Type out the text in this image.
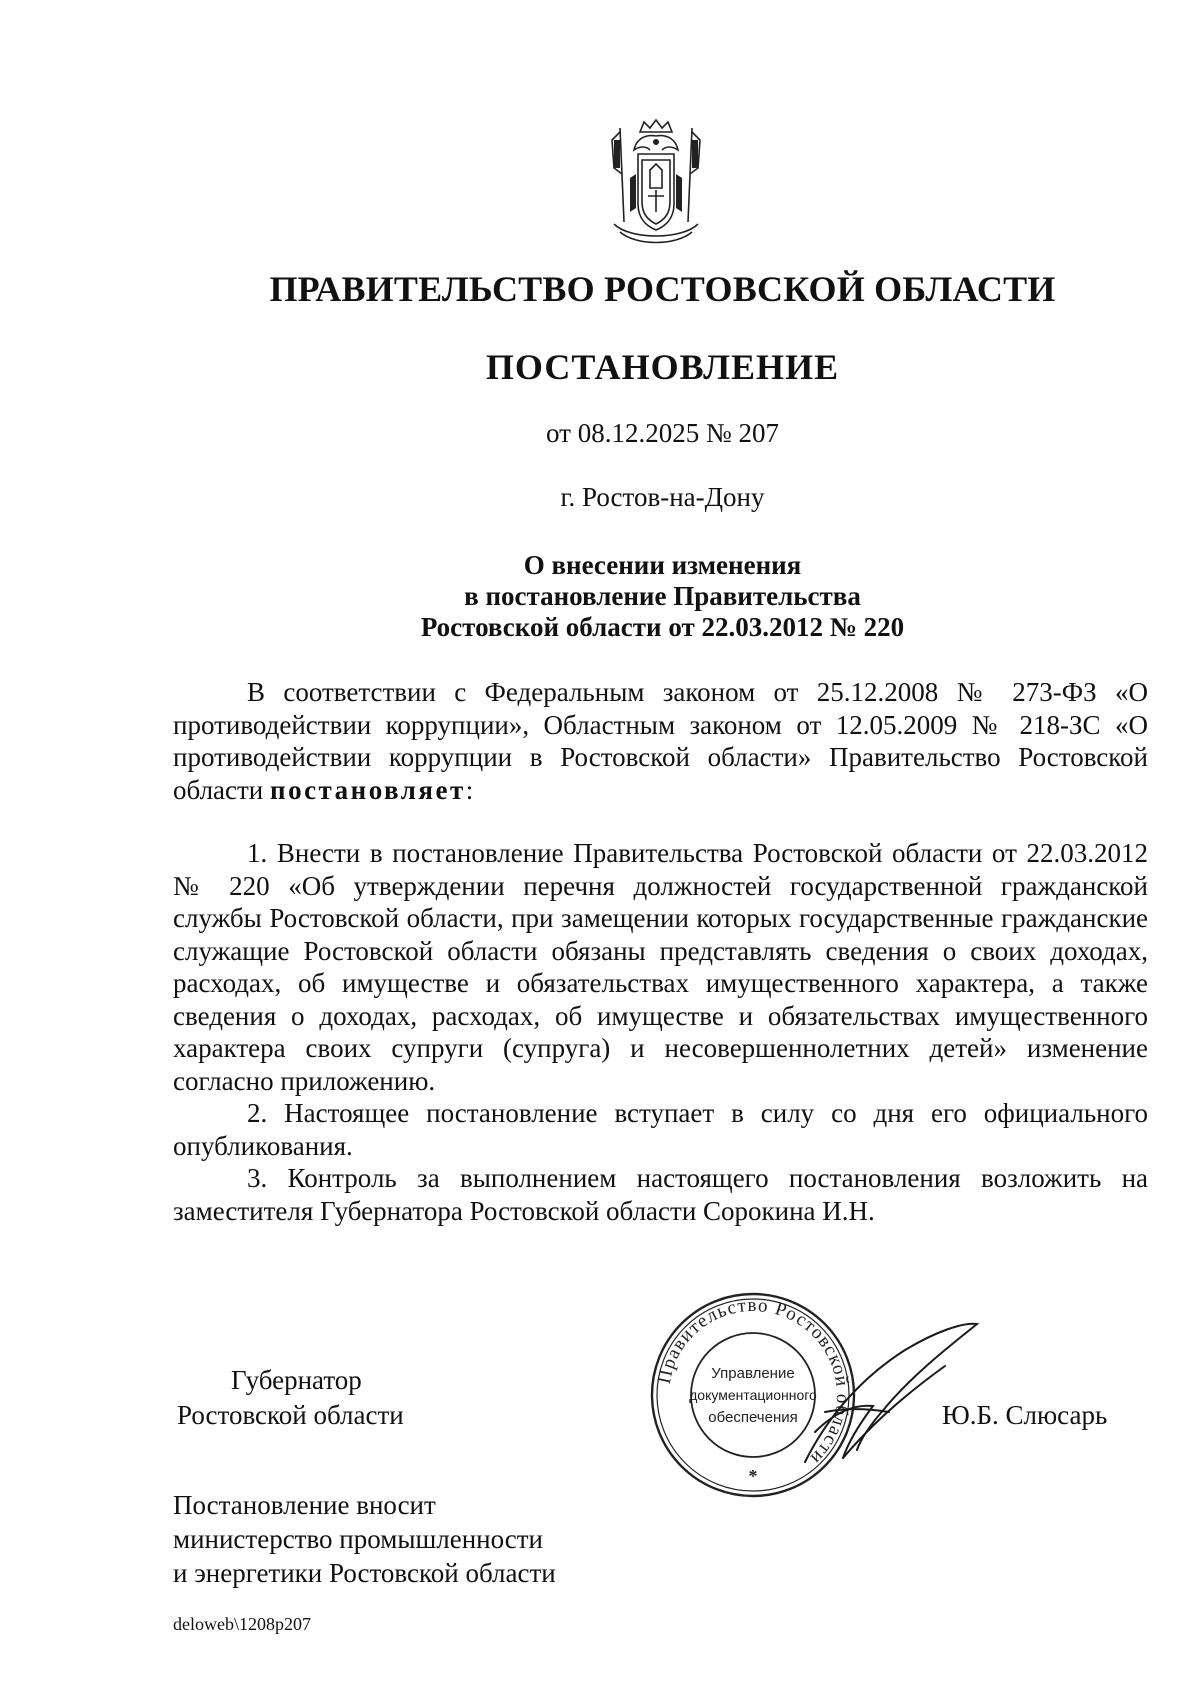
ПРАВИТЕЛЬСТВО РОСТОВСКОЙ ОБЛАСТИ
ПОСТАНОВЛЕНИЕ
от 08.12.2025 № 207
г. Ростов-на-Дону
О внесении изменения
в постановление Правительства
Ростовской области от 22.03.2012 № 220

В соответствии с Федеральным законом от 25.12.2008 № 273-ФЗ «О противодействии коррупции», Областным законом от 12.05.2009 № 218-ЗС «О противодействии коррупции в Ростовской области» Правительство Ростовской области постановляет:

1. Внести в постановление Правительства Ростовской области от 22.03.2012 № 220 «Об утверждении перечня должностей государственной гражданской службы Ростовской области, при замещении которых государственные гражданские служащие Ростовской области обязаны представлять сведения о своих доходах, расходах, об имуществе и обязательствах имущественного характера, а также сведения о доходах, расходах, об имуществе и обязательствах имущественного характера своих супруги (супруга) и несовершеннолетних детей» изменение согласно приложению.

2. Настоящее постановление вступает в силу со дня его официального опубликования.

3. Контроль за выполнением настоящего постановления возложить на заместителя Губернатора Ростовской области Сорокина И.Н.

Губернатор
Ростовской области	Ю.Б. Слюсарь
Правительство Ростовской области
Управление
документационного
обеспечения
*
Постановление вносит
министерство промышленности
и энергетики Ростовской области
deloweb\1208p207
